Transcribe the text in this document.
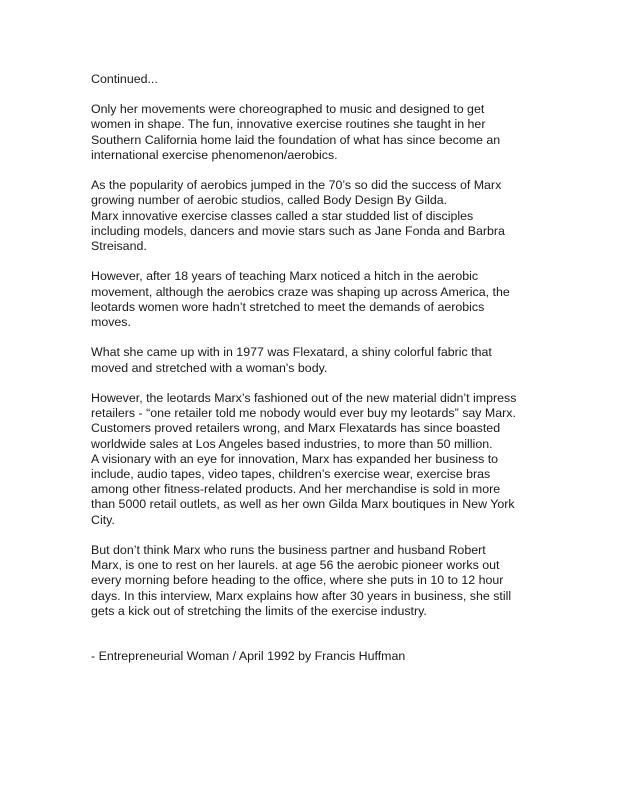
Continued...
Only her movements were choreographed to music and designed to get
women in shape. The fun, innovative exercise routines she taught in her
Southern California home laid the foundation of what has since become an
international exercise phenomenon/aerobics.
As the popularity of aerobics jumped in the 70’s so did the success of Marx
growing number of aerobic studios, called Body Design By Gilda.
Marx innovative exercise classes called a star studded list of disciples
including models, dancers and movie stars such as Jane Fonda and Barbra
Streisand.
However, after 18 years of teaching Marx noticed a hitch in the aerobic
movement, although the aerobics craze was shaping up across America, the
leotards women wore hadn’t stretched to meet the demands of aerobics
moves.
What she came up with in 1977 was Flexatard, a shiny colorful fabric that
moved and stretched with a woman's body.
However, the leotards Marx’s fashioned out of the new material didn’t impress
retailers - “one retailer told me nobody would ever buy my leotards” say Marx.
Customers proved retailers wrong, and Marx Flexatards has since boasted
worldwide sales at Los Angeles based industries, to more than 50 million.
A visionary with an eye for innovation, Marx has expanded her business to
include, audio tapes, video tapes, children’s exercise wear, exercise bras
among other fitness-related products. And her merchandise is sold in more
than 5000 retail outlets, as well as her own Gilda Marx boutiques in New York
City.
But don’t think Marx who runs the business partner and husband Robert
Marx, is one to rest on her laurels. at age 56 the aerobic pioneer works out
every morning before heading to the office, where she puts in 10 to 12 hour
days. In this interview, Marx explains how after 30 years in business, she still
gets a kick out of stretching the limits of the exercise industry.
- Entrepreneurial Woman / April 1992 by Francis Huffman
